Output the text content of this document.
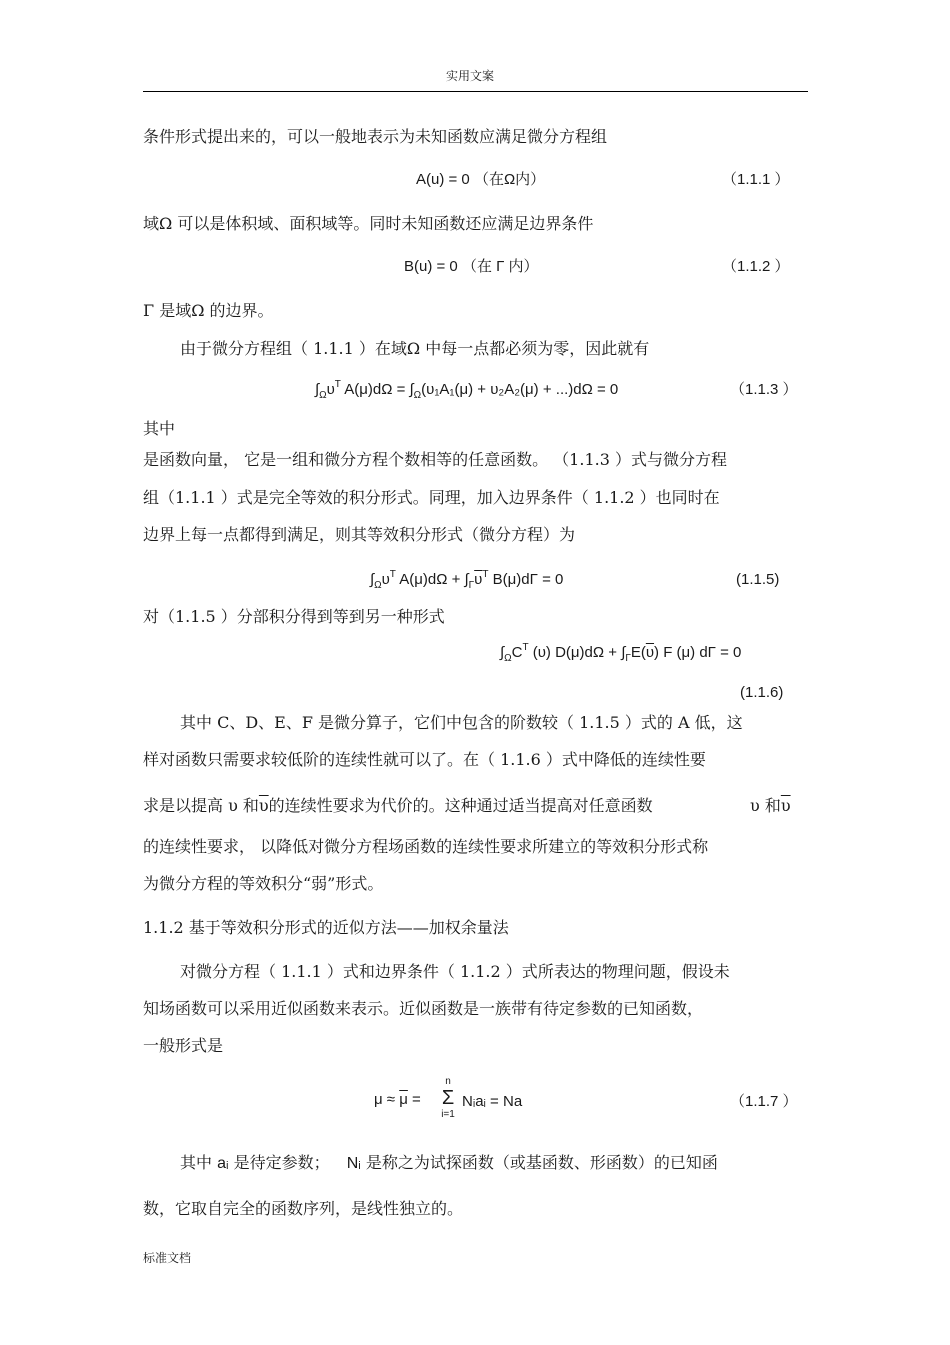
实用文案
条件形式提出来的，可以一般地表示为未知函数应满足微分方程组
A(u) = 0 （在Ω内）	（1.1.1 ）
域Ω 可以是体积域、面积域等。同时未知函数还应满足边界条件
B(u) = 0 （在 Γ 内）	（1.1.2 ）
Γ 是域Ω 的边界。
由于微分方程组（ 1.1.1 ）在域Ω 中每一点都必须为零，因此就有
$\int_\Omega\upsilon^T$ $A(\mu)d\Omega = \int_\Omega(\upsilon_1A_1(\mu) + \upsilon_2A_2(\mu) + ...)d\Omega = 0$	（1.1.3 ）
其中
是函数向量， 它是一组和微分方程个数相等的任意函数。 （1.1.3 ）式与微分方程
组（1.1.1 ）式是完全等效的积分形式。同理，加入边界条件（ 1.1.2 ）也同时在
边界上每一点都得到满足，则其等效积分形式（微分方程）为
$\int_\Omega\upsilon^T$ $A(\mu)d\Omega + \int_\Gamma\overline{\upsilon}^T$ B(μ)dΓ = 0	(1.1.5)
对（1.1.5 ）分部积分得到等到另一种形式
$\int_\Omega C^T$ (υ) $D(\mu)d\Omega + \int_\Gamma E(\overline{\upsilon})$ F (μ) dΓ = 0
(1.1.6)
其中 C、D、E、F 是微分算子，它们中包含的阶数较（ 1.1.5 ）式的 A 低，这
样对函数只需要求较低阶的连续性就可以了。在（ 1.1.6 ）式中降低的连续性要
求是以提高 υ 和$\overline{\upsilon}$的连续性要求为代价的。这种通过适当提高对任意函数	υ 和$\overline{\upsilon}$
的连续性要求， 以降低对微分方程场函数的连续性要求所建立的等效积分形式称
为微分方程的等效积分“弱”形式。
1.1.2 基于等效积分形式的近似方法——加权余量法
对微分方程（ 1.1.1 ）式和边界条件（ 1.1.2 ）式所表达的物理问题，假设未
知场函数可以采用近似函数来表示。近似函数是一族带有待定参数的已知函数，
一般形式是
$\mu \approx \overline{\mu}$ =
n
Σ
i=1
Nᵢaᵢ = Na	（1.1.7 ）
其中 aᵢ 是待定参数； Nᵢ 是称之为试探函数（或基函数、形函数）的已知函
数，它取自完全的函数序列，是线性独立的。
标准文档
